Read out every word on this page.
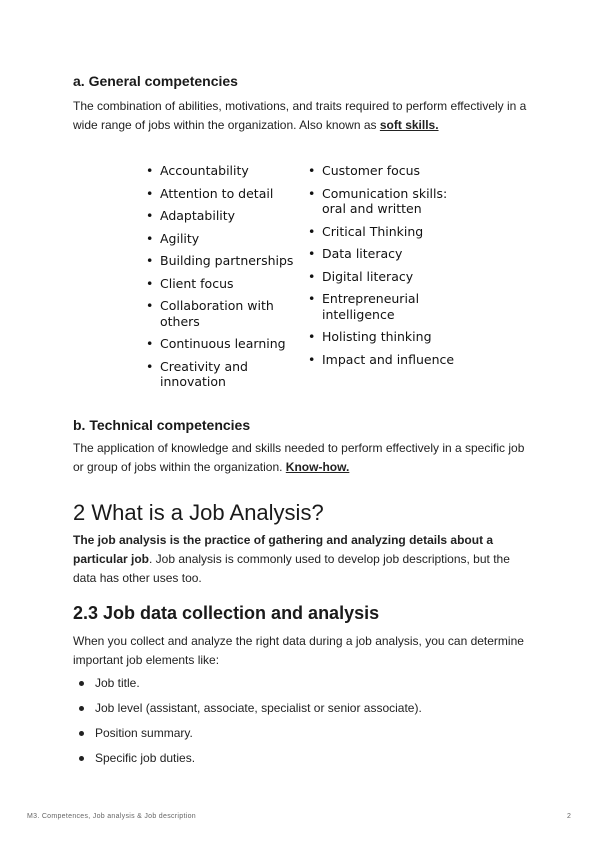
a. General competencies

The combination of abilities, motivations, and traits required to perform effectively in a wide range of jobs within the organization. Also known as soft skills.

• Accountability
• Attention to detail
• Adaptability
• Agility
• Building partnerships
• Client focus
• Collaboration with others
• Continuous learning
• Creativity and innovation
• Customer focus
• Comunication skills: oral and written
• Critical Thinking
• Data literacy
• Digital literacy
• Entrepreneurial intelligence
• Holisting thinking
• Impact and influence
b. Technical competencies

The application of knowledge and skills needed to perform effectively in a specific job or group of jobs within the organization. Know-how.

2 What is a Job Analysis?

The job analysis is the practice of gathering and analyzing details about a particular job. Job analysis is commonly used to develop job descriptions, but the data has other uses too.

2.3 Job data collection and analysis

When you collect and analyze the right data during a job analysis, you can determine important job elements like:

Job title.
Job level (assistant, associate, specialist or senior associate).
Position summary.
Specific job duties.
M3. Competences, Job analysis & Job description	2
